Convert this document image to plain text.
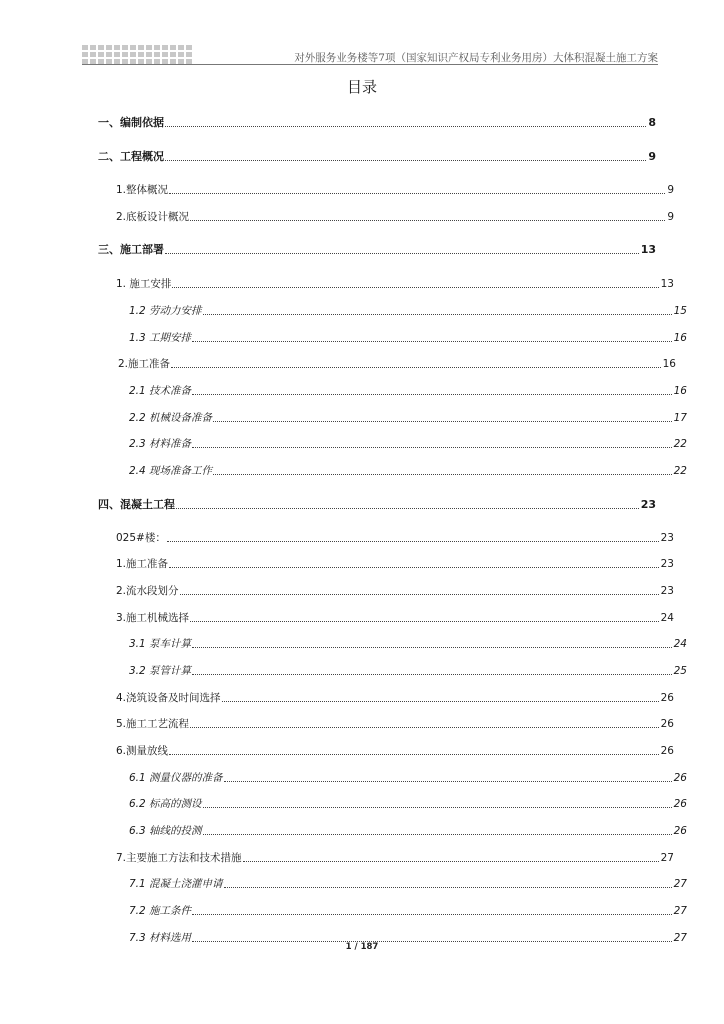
对外服务业务楼等7项（国家知识产权局专利业务用房）大体积混凝土施工方案
目录
一、编制依据	8
二、工程概况	9
1.整体概况	9
2.底板设计概况	9
三、施工部署	13
1. 施工安排	13
1.2 劳动力安排	15
1.3 工期安排	16
2.施工准备	16
2.1 技术准备	16
2.2 机械设备准备	17
2.3 材料准备	22
2.4 现场准备工作	22
四、混凝土工程	23
025#楼：	23
1.施工准备	23
2.流水段划分	23
3.施工机械选择	24
3.1 泵车计算	24
3.2 泵管计算	25
4.浇筑设备及时间选择	26
5.施工工艺流程	26
6.测量放线	26
6.1 测量仪器的准备	26
6.2 标高的测设	26
6.3 轴线的投测	26
7.主要施工方法和技术措施	27
7.1 混凝土浇灌申请	27
7.2 施工条件	27
7.3 材料选用	27
1 / 187
